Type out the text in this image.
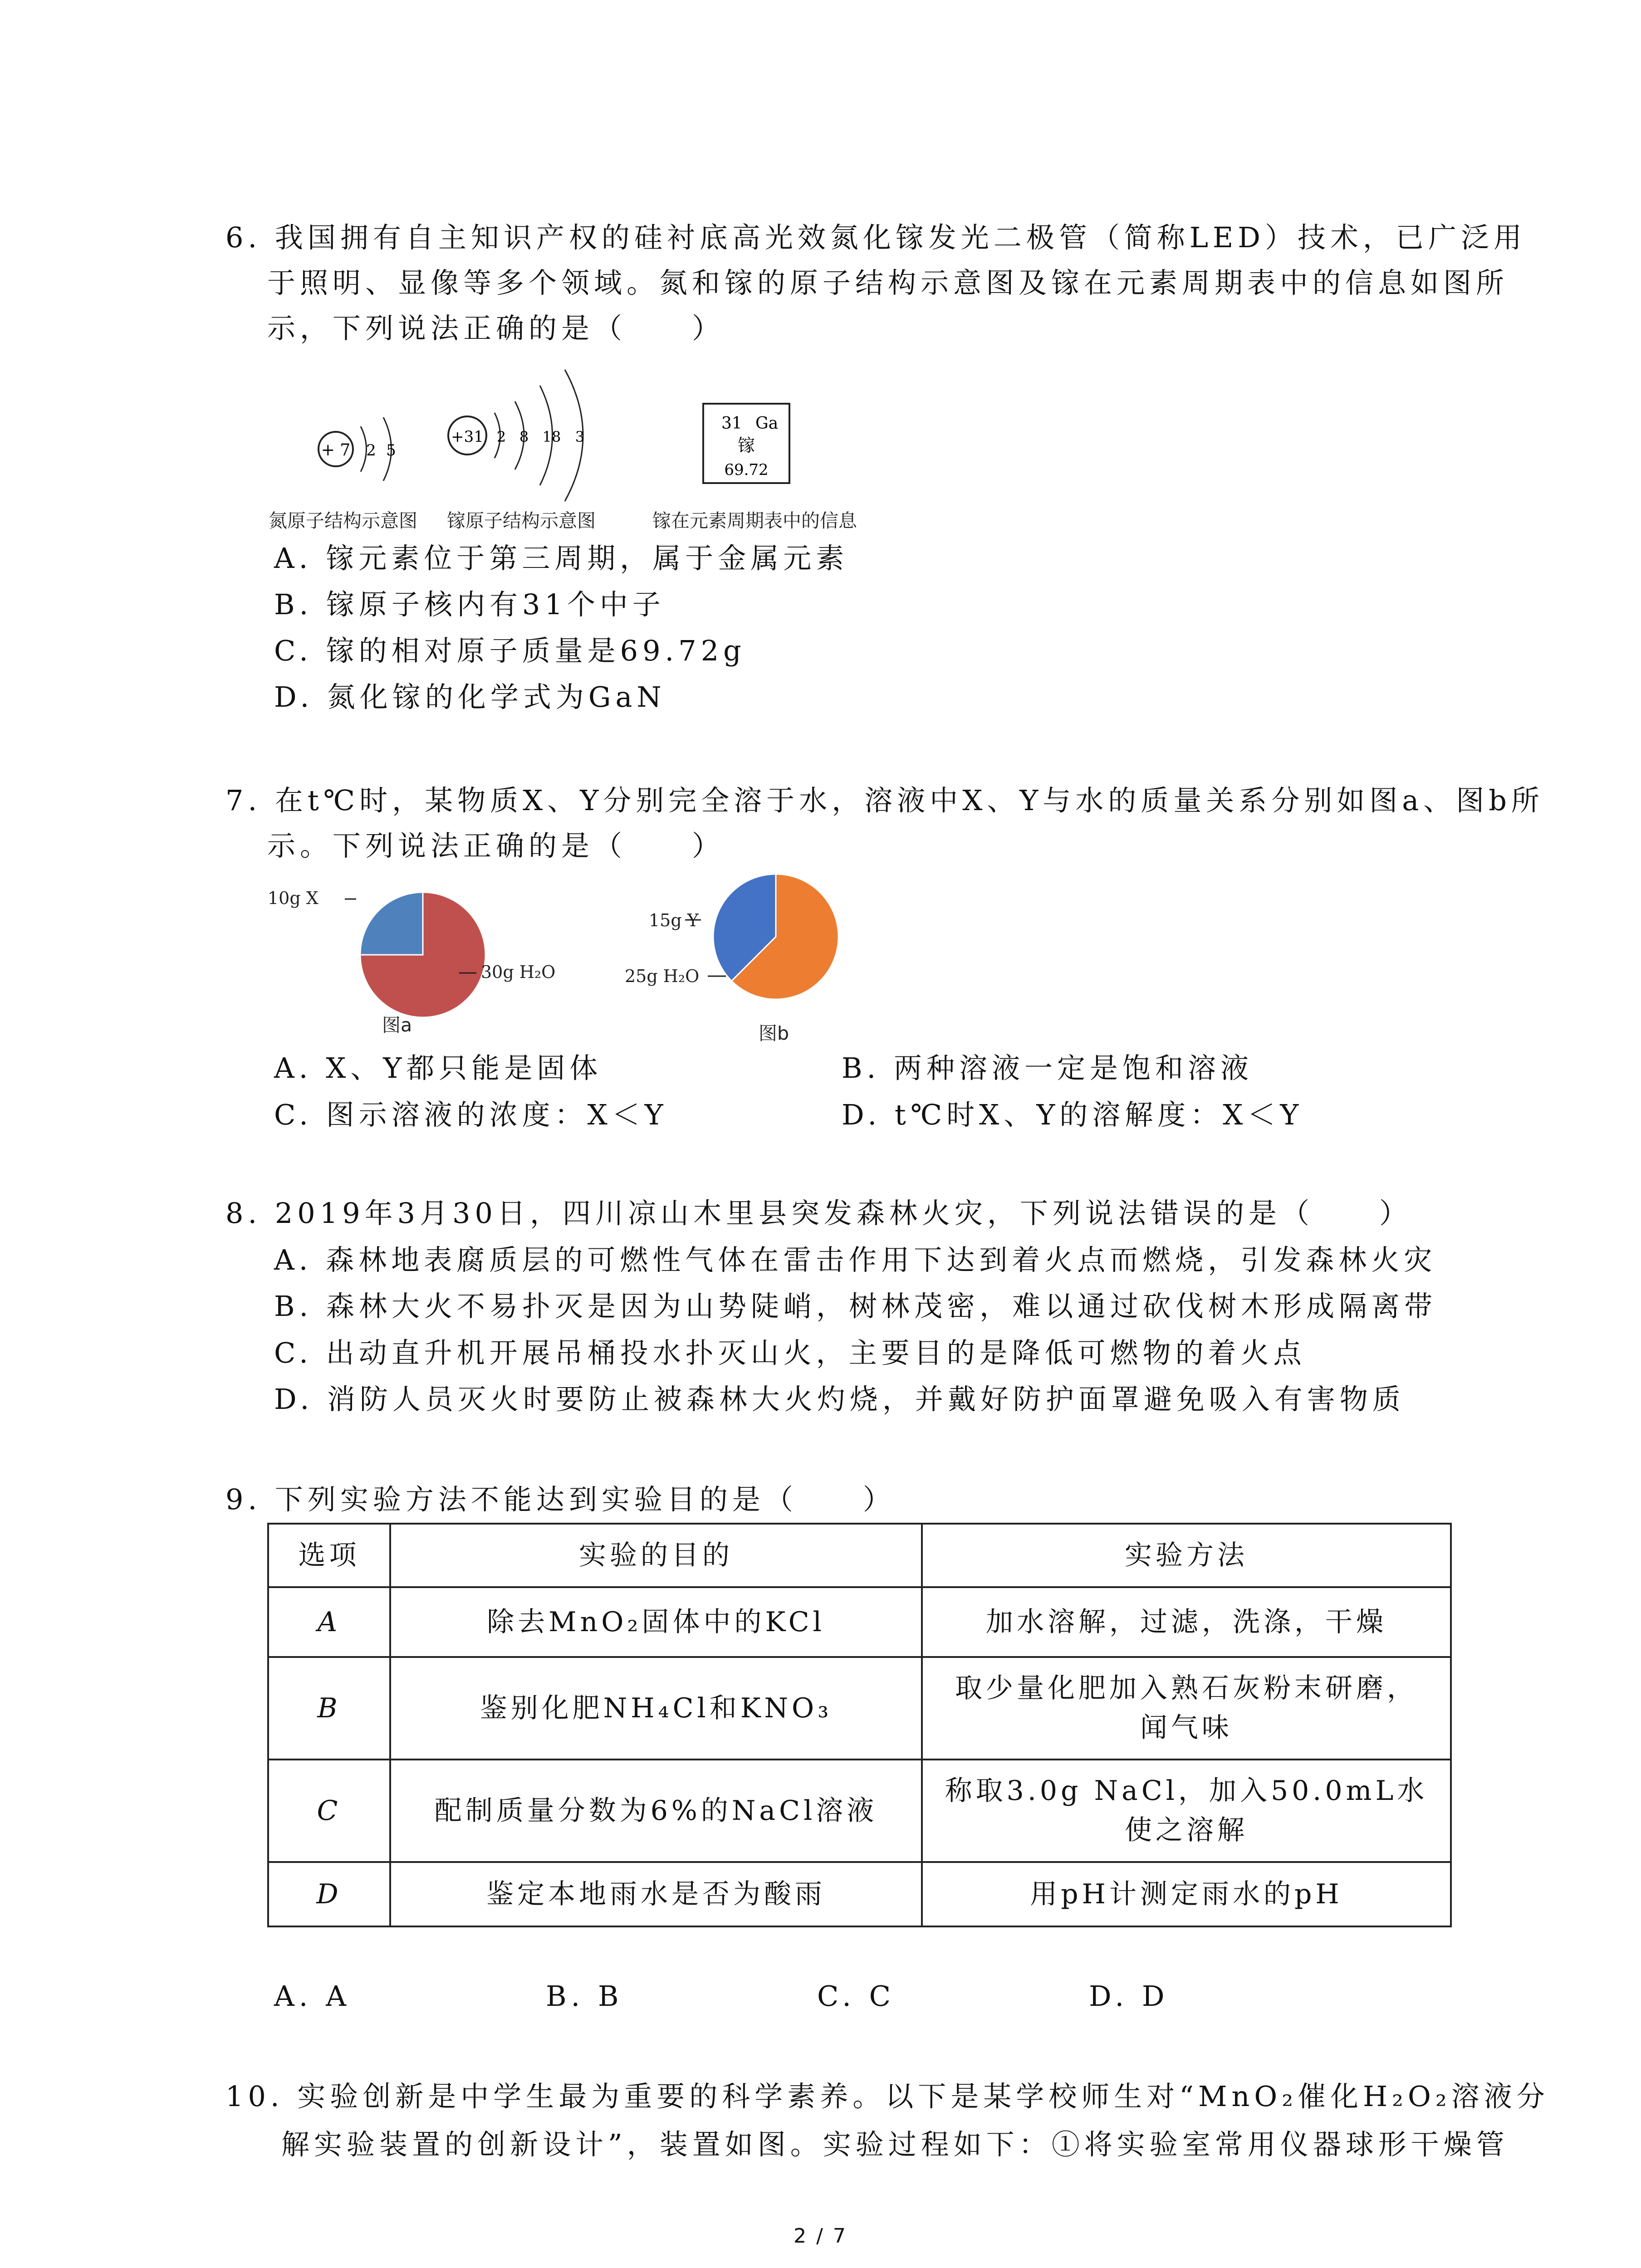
6. 我国拥有自主知识产权的硅衬底高光效氮化镓发光二极管（简称LED）技术，已广泛用
于照明、显像等多个领域。氮和镓的原子结构示意图及镓在元素周期表中的信息如图所
示，下列说法正确的是（　　）
+ 7 2 5
+31 2 8 18 3
31 Ga
镓
69.72
氮原子结构示意图 镓原子结构示意图	镓在元素周期表中的信息
A. 镓元素位于第三周期，属于金属元素
B. 镓原子核内有31个中子
C. 镓的相对原子质量是69.72g
D. 氮化镓的化学式为GaN
7. 在t℃时，某物质X、Y分别完全溶于水，溶液中X、Y与水的质量关系分别如图a、图b所
示。下列说法正确的是（　　）
10g X
30g H₂O
图a
15g Y
25g H₂O
图b
A. X、Y都只能是固体	B. 两种溶液一定是饱和溶液
C. 图示溶液的浓度：X＜Y	D. t℃时X、Y的溶解度：X＜Y
8. 2019年3月30日，四川凉山木里县突发森林火灾，下列说法错误的是（　　）
A. 森林地表腐质层的可燃性气体在雷击作用下达到着火点而燃烧，引发森林火灾
B. 森林大火不易扑灭是因为山势陡峭，树林茂密，难以通过砍伐树木形成隔离带
C. 出动直升机开展吊桶投水扑灭山火，主要目的是降低可燃物的着火点
D. 消防人员灭火时要防止被森林大火灼烧，并戴好防护面罩避免吸入有害物质
9. 下列实验方法不能达到实验目的是（　　）
选项	实验的目的	实验方法
A	除去MnO₂固体中的KCl	加水溶解，过滤，洗涤，干燥
B	鉴别化肥NH₄Cl和KNO₃	取少量化肥加入熟石灰粉末研磨，
闻气味

C	配制质量分数为6%的NaCl溶液	称取3.0g NaCl，加入50.0mL水
使之溶解

D	鉴定本地雨水是否为酸雨	用pH计测定雨水的pH
A. A	B. B	C. C	D. D
10. 实验创新是中学生最为重要的科学素养。以下是某学校师生对“MnO₂催化H₂O₂溶液分
解实验装置的创新设计”，装置如图。实验过程如下：①将实验室常用仪器球形干燥管
2 / 7
